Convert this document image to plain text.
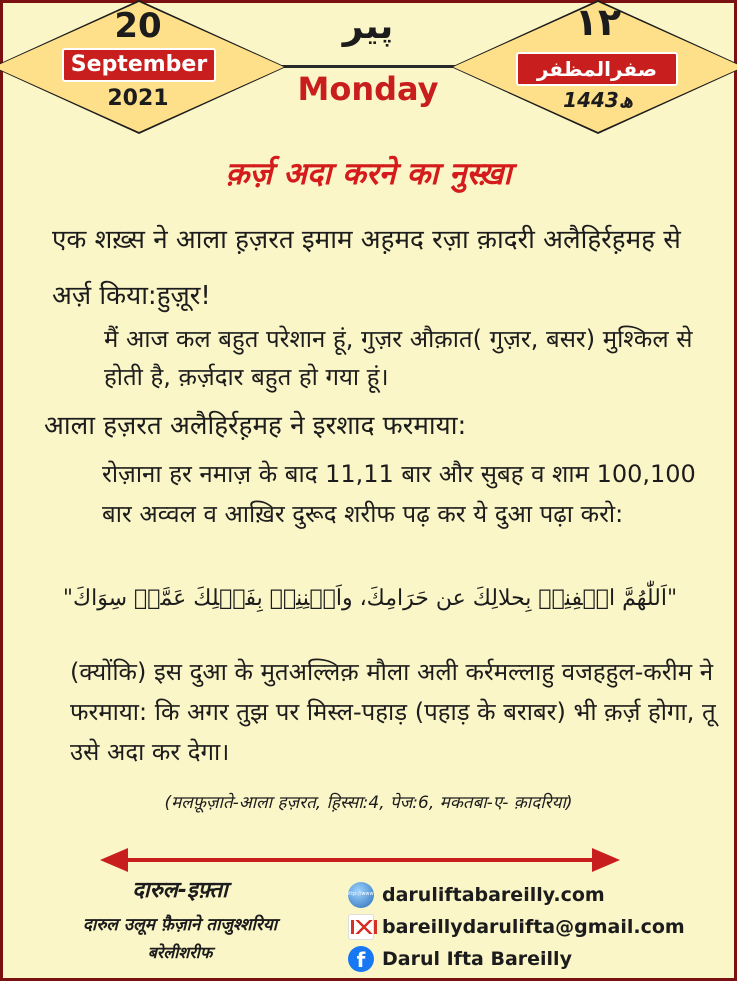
20
September
2021
پیر
Monday
١٢
صفرالمظفر
1443ھ
क़र्ज़ अदा करने का नुस्ख़ा
एक शख़्स ने आला ह़ज़रत इमाम अह़मद रज़ा क़ादरी अलैहिर्रह़मह से अर्ज़ किया:हुज़ूर!
मैं आज कल बहुत परेशान हूं, गुज़र औक़ात( गुज़र, बसर) मुश्किल से होती है, क़र्ज़दार बहुत हो गया हूं।
आला हज़रत अलैहिर्रह़मह ने इरशाद फरमाया:
रोज़ाना हर नमाज़ के बाद 11,11 बार और सुबह व शाम 100,100 बार अव्वल व आख़िर दुरूद शरीफ पढ़ कर ये दुआ पढ़ा करो:
"اَللّٰھُمَّ اکۡفِنِیۡ بِحلالِكَ عن حَرَامِكَ، واَغۡنِنِیۡ بِفَضۡلِكَ عَمَّنۡ سِوَاكَ"
(क्योंकि) इस दुआ के मुतअल्लिक़ मौला अली कर्रमल्लाहु वजहहुल-करीम ने फरमाया: कि अगर तुझ पर मिस्ल-पहाड़ (पहाड़ के बराबर) भी क़र्ज़ होगा, तू उसे अदा कर देगा।
(मलफ़ूज़ाते-आला हज़रत, ह़िस्सा:4, पेज:6, मकतबा-ए- क़ादरिया)
दारुल-इफ़्ता
दारुल उलूम फ़ैज़ाने ताजुश्शरिया
बरेलीशरीफ
http://www
daruliftabareilly.com
bareillydarulifta@gmail.com
f
Darul Ifta Bareilly
